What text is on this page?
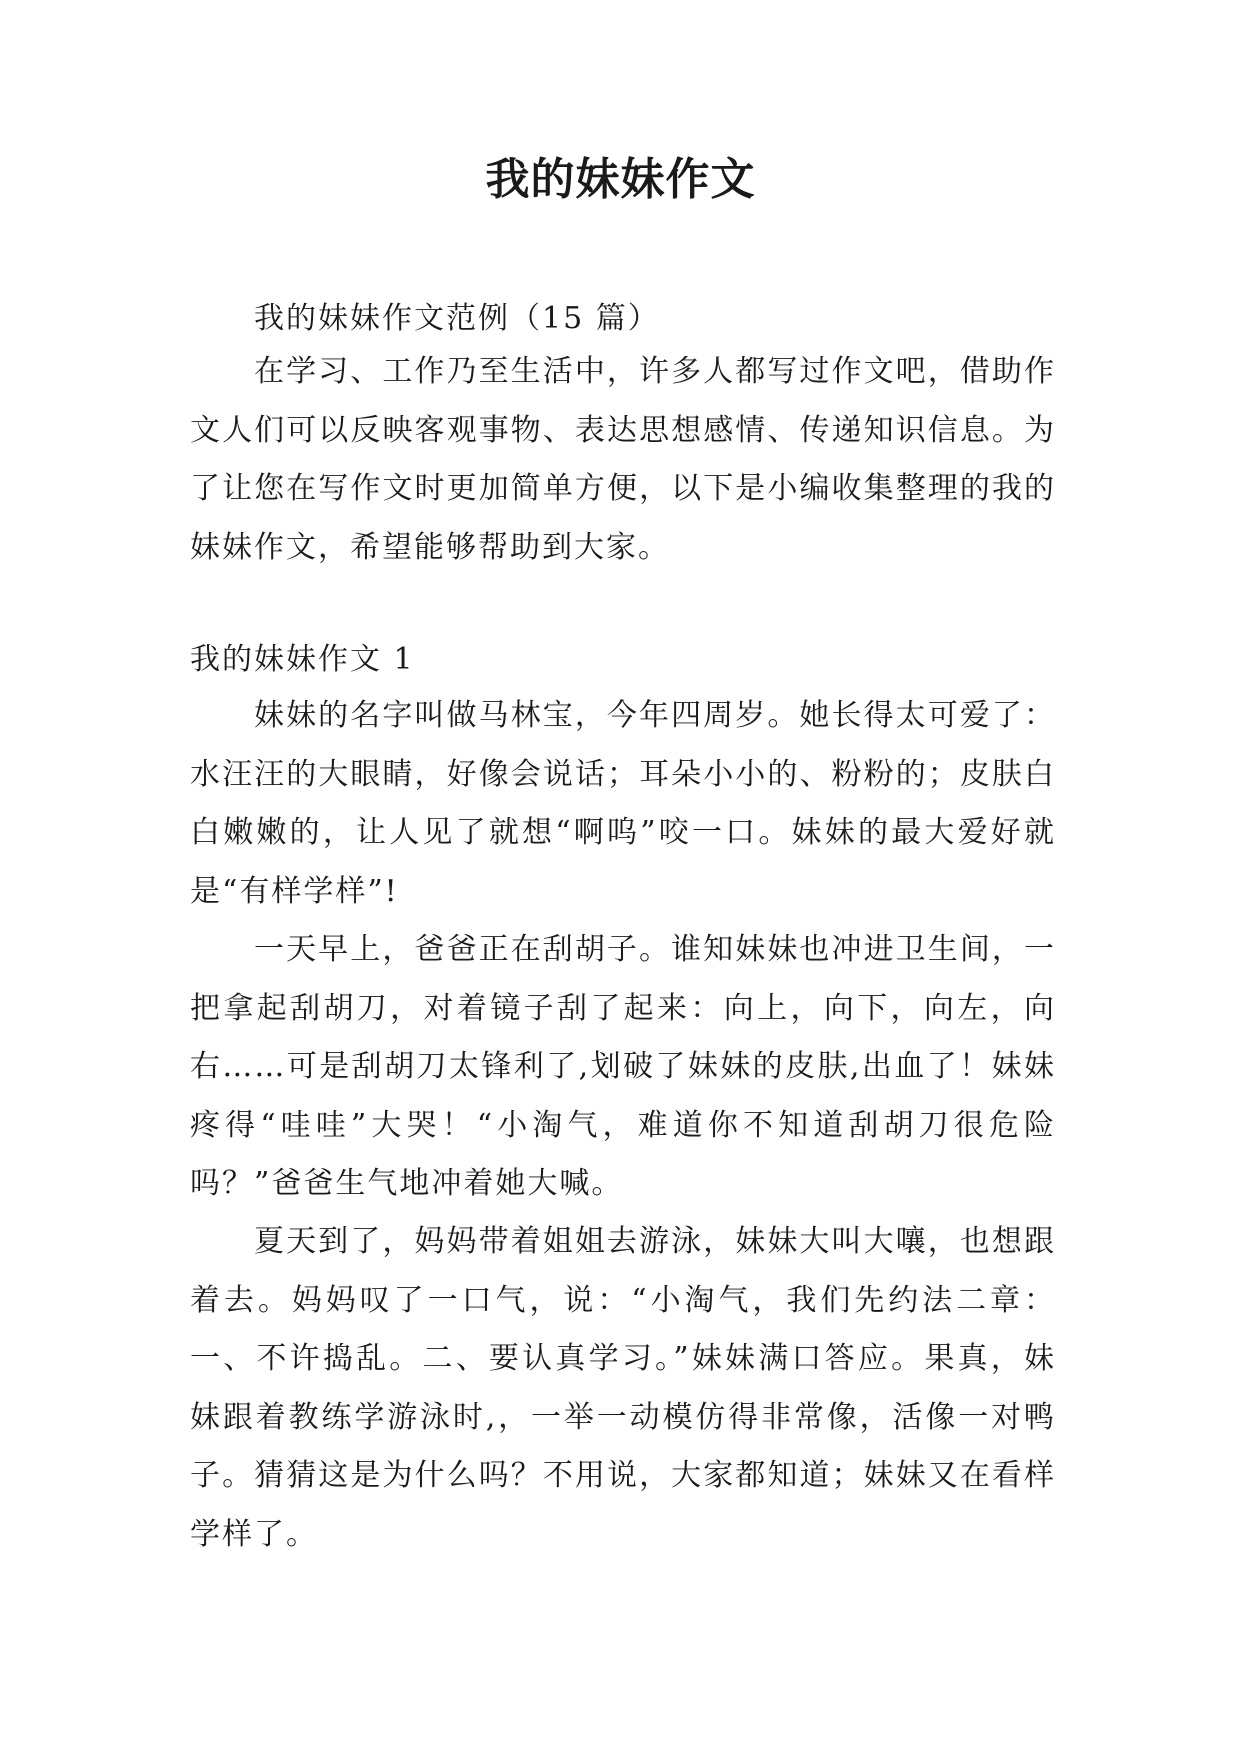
我的妹妹作文

我的妹妹作文范例（15 篇）

在学习、工作乃至生活中，许多人都写过作文吧，借助作文人们可以反映客观事物、表达思想感情、传递知识信息。为了让您在写作文时更加简单方便，以下是小编收集整理的我的妹妹作文，希望能够帮助到大家。

我的妹妹作文 1

妹妹的名字叫做马林宝，今年四周岁。她长得太可爱了：水汪汪的大眼睛，好像会说话；耳朵小小的、粉粉的；皮肤白白嫩嫩的，让人见了就想“啊呜”咬一口。妹妹的最大爱好就是“有样学样”!

一天早上，爸爸正在刮胡子。谁知妹妹也冲进卫生间，一把拿起刮胡刀，对着镜子刮了起来：向上，向下，向左，向右……可是刮胡刀太锋利了,划破了妹妹的皮肤,出血了！妹妹疼得“哇哇”大哭！“小淘气，难道你不知道刮胡刀很危险吗？”爸爸生气地冲着她大喊。

夏天到了，妈妈带着姐姐去游泳，妹妹大叫大嚷，也想跟着去。妈妈叹了一口气，说：“小淘气，我们先约法二章：一、不许捣乱。二、要认真学习。”妹妹满口答应。果真，妹妹跟着教练学游泳时,，一举一动模仿得非常像，活像一对鸭子。猜猜这是为什么吗？不用说，大家都知道；妹妹又在看样学样了。
